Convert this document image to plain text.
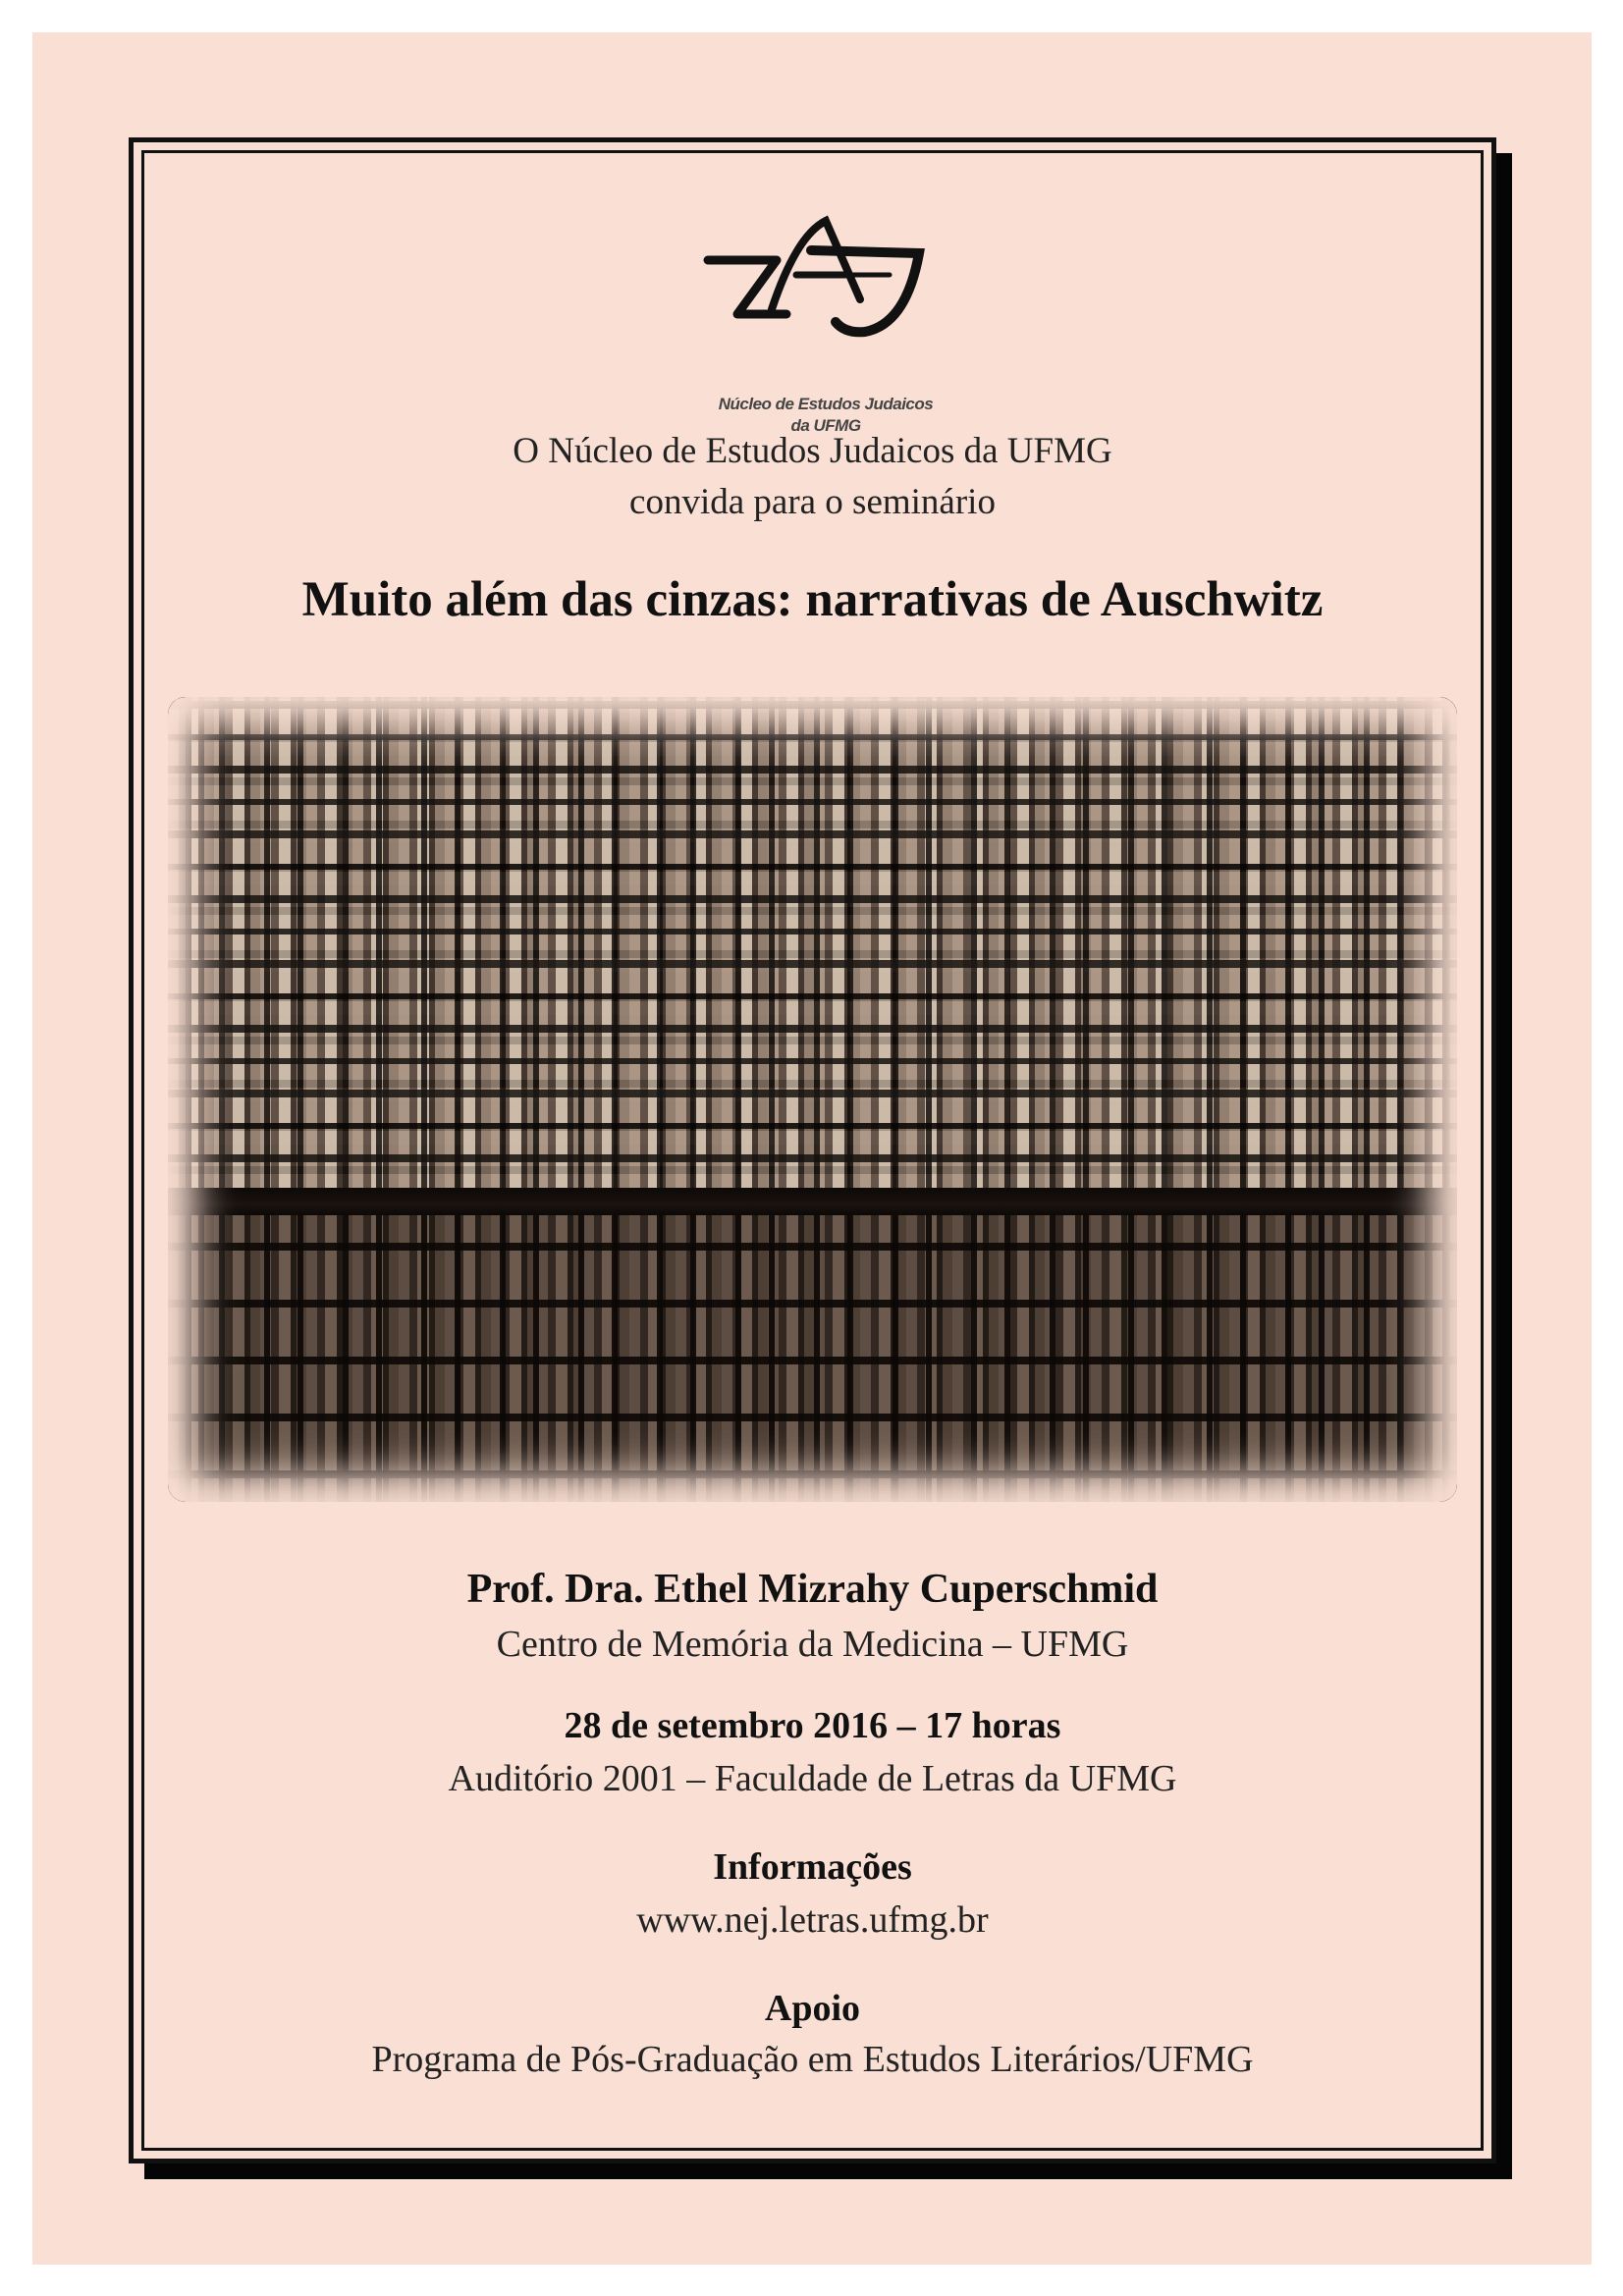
Núcleo de Estudos Judaicos
da UFMG
O Núcleo de Estudos Judaicos da UFMG
convida para o seminário
Muito além das cinzas: narrativas de Auschwitz
Prof. Dra. Ethel Mizrahy Cuperschmid
Centro de Memória da Medicina – UFMG
28 de setembro 2016 – 17 horas
Auditório 2001 – Faculdade de Letras da UFMG
Informações
www.nej.letras.ufmg.br
Apoio
Programa de Pós-Graduação em Estudos Literários/UFMG
